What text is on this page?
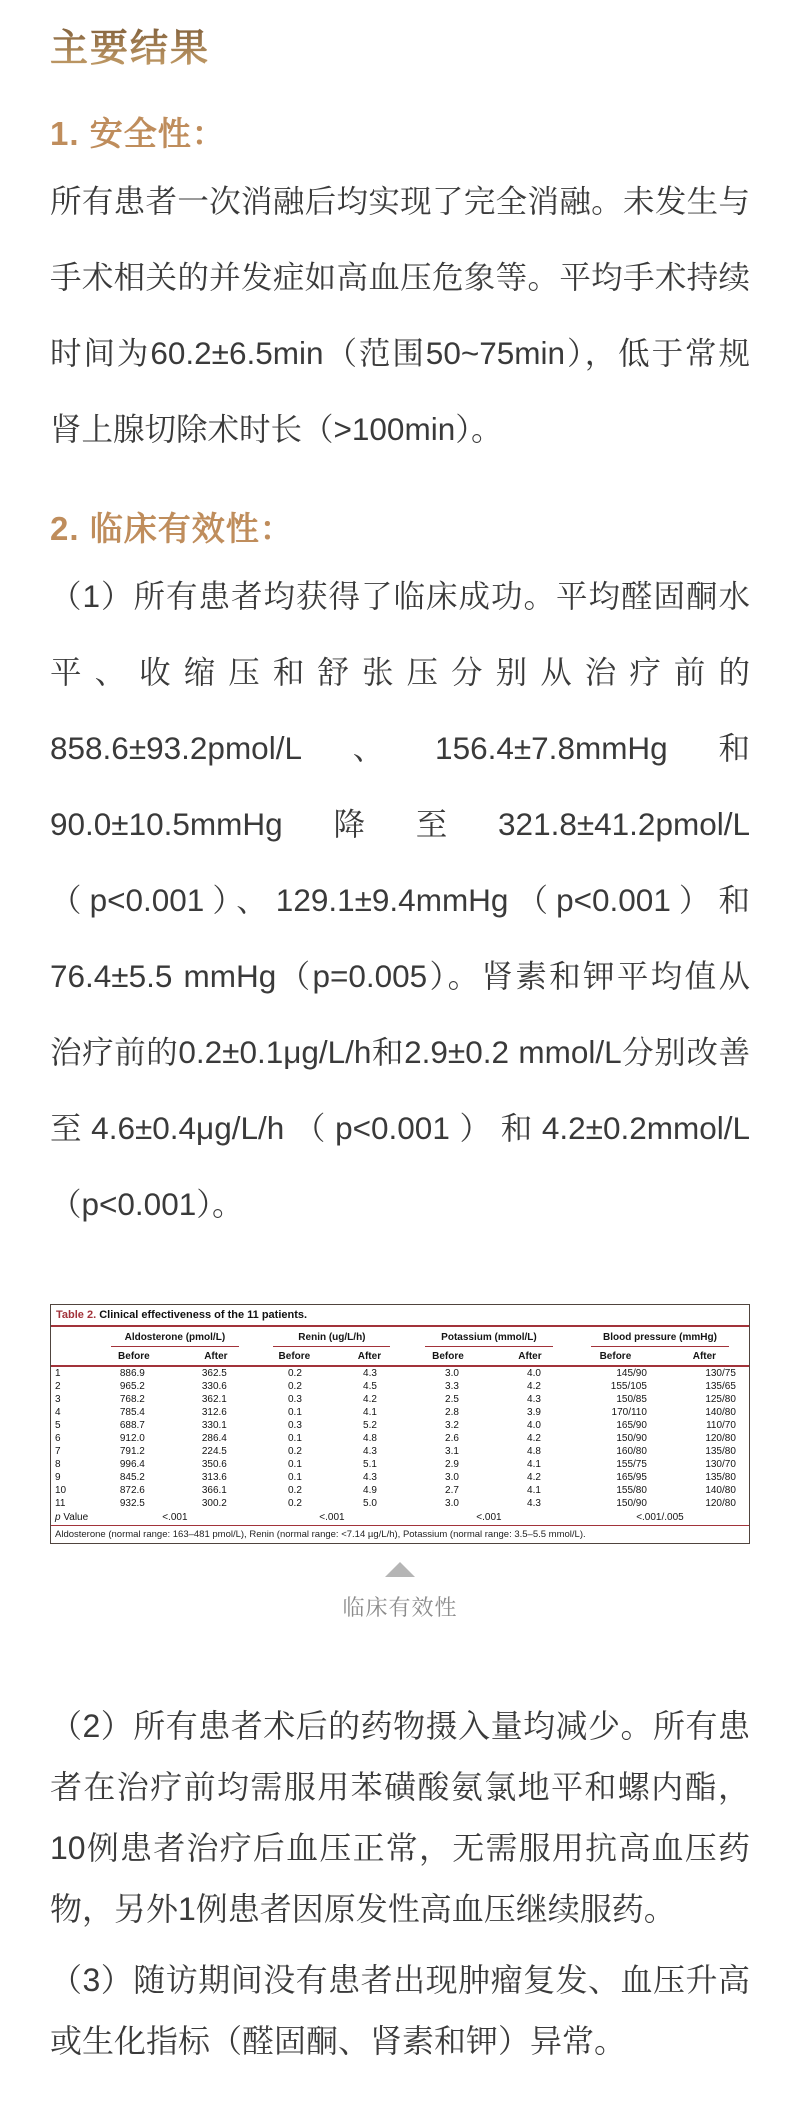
主要结果
1. 安全性：

所有患者一次消融后均实现了完全消融。未发生与手术相关的并发症如高血压危象等。平均手术持续时间为60.2±6.5min（范围50~75min），低于常规肾上腺切除术时长（>100min）。

2. 临床有效性：

（1）所有患者均获得了临床成功。平均醛固酮水平、收缩压和舒张压分别从治疗前的858.6±93.2pmol/L、156.4±7.8mmHg和90.0±10.5mmHg降至321.8±41.2pmol/L（p<0.001）、129.1±9.4mmHg（p<0.001）和76.4±5.5 mmHg（p=0.005）。肾素和钾平均值从治疗前的0.2±0.1μg/L/h和2.9±0.2 mmol/L分别改善至4.6±0.4μg/L/h（p<0.001）和4.2±0.2mmol/L（p<0.001）。

Table 2. Clinical effectiveness of the 11 patients.
Aldosterone (pmol/L)	Renin (ug/L/h)	Potassium (mmol/L)	Blood pressure (mmHg)
Before	After	Before	After	Before	After	Before	After
1	886.9	362.5	0.2	4.3	3.0	4.0	145/90	130/75
2	965.2	330.6	0.2	4.5	3.3	4.2	155/105	135/65
3	768.2	362.1	0.3	4.2	2.5	4.3	150/85	125/80
4	785.4	312.6	0.1	4.1	2.8	3.9	170/110	140/80
5	688.7	330.1	0.3	5.2	3.2	4.0	165/90	110/70
6	912.0	286.4	0.1	4.8	2.6	4.2	150/90	120/80
7	791.2	224.5	0.2	4.3	3.1	4.8	160/80	135/80
8	996.4	350.6	0.1	5.1	2.9	4.1	155/75	130/70
9	845.2	313.6	0.1	4.3	3.0	4.2	165/95	135/80
10	872.6	366.1	0.2	4.9	2.7	4.1	155/80	140/80
11	932.5	300.2	0.2	5.0	3.0	4.3	150/90	120/80
p Value	<.001	<.001	<.001	<.001/.005
Aldosterone (normal range: 163–481 pmol/L), Renin (normal range: <7.14 µg/L/h), Potassium (normal range: 3.5–5.5 mmol/L).
临床有效性

（2）所有患者术后的药物摄入量均减少。所有患者在治疗前均需服用苯磺酸氨氯地平和螺内酯，10例患者治疗后血压正常，无需服用抗高血压药物，另外1例患者因原发性高血压继续服药。

（3）随访期间没有患者出现肿瘤复发、血压升高或生化指标（醛固酮、肾素和钾）异常。
